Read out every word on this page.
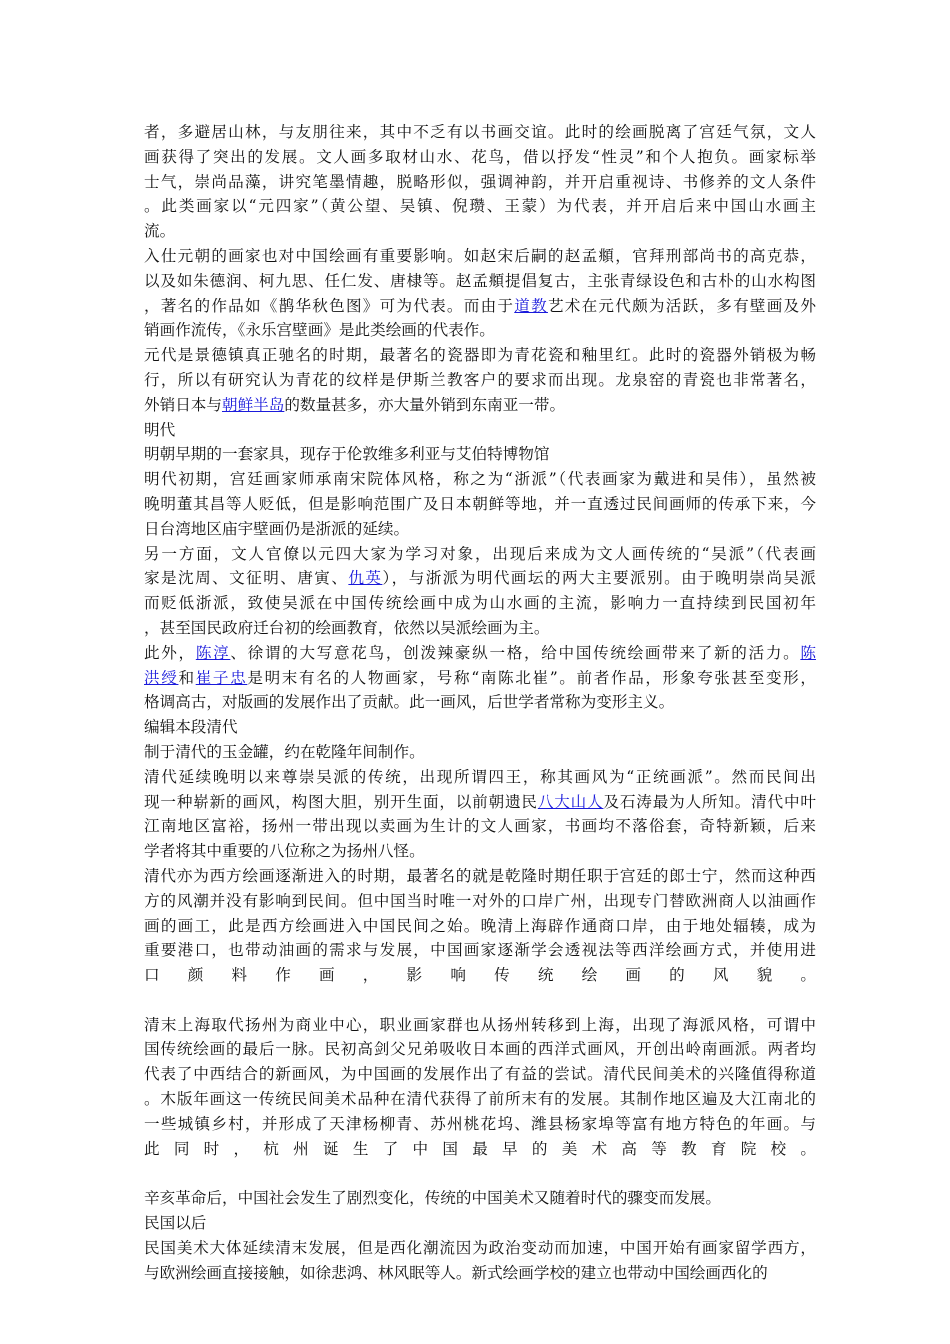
者，多避居山林，与友朋往来，其中不乏有以书画交谊。此时的绘画脱离了宫廷气氛，文人
画获得了突出的发展。文人画多取材山水、花鸟，借以抒发“性灵”和个人抱负。画家标举
士气，崇尚品藻，讲究笔墨情趣，脱略形似，强调神韵，并开启重视诗、书修养的文人条件
。此类画家以“元四家”（黄公望、吴镇、倪瓒、王蒙）为代表，并开启后来中国山水画主
流。

入仕元朝的画家也对中国绘画有重要影响。如赵宋后嗣的赵孟頫，官拜刑部尚书的高克恭，
以及如朱德润、柯九思、任仁发、唐棣等。赵孟頫提倡复古，主张青绿设色和古朴的山水构图
，著名的作品如《鹊华秋色图》可为代表。而由于道教艺术在元代颇为活跃，多有壁画及外
销画作流传，《永乐宫壁画》是此类绘画的代表作。

元代是景德镇真正驰名的时期，最著名的瓷器即为青花瓷和釉里红。此时的瓷器外销极为畅
行，所以有研究认为青花的纹样是伊斯兰教客户的要求而出现。龙泉窑的青瓷也非常著名，
外销日本与朝鲜半岛的数量甚多，亦大量外销到东南亚一带。

明代

明朝早期的一套家具，现存于伦敦维多利亚与艾伯特博物馆

明代初期，宫廷画家师承南宋院体风格，称之为“浙派”（代表画家为戴进和吴伟），虽然被
晚明董其昌等人贬低，但是影响范围广及日本朝鲜等地，并一直透过民间画师的传承下来，今
日台湾地区庙宇壁画仍是浙派的延续。

另一方面，文人官僚以元四大家为学习对象，出现后来成为文人画传统的“吴派”（代表画
家是沈周、文征明、唐寅、仇英），与浙派为明代画坛的两大主要派别。由于晚明崇尚吴派
而贬低浙派，致使吴派在中国传统绘画中成为山水画的主流，影响力一直持续到民国初年
，甚至国民政府迁台初的绘画教育，依然以吴派绘画为主。

此外，陈淳、徐谓的大写意花鸟，创泼辣豪纵一格，给中国传统绘画带来了新的活力。陈
洪绶和崔子忠是明末有名的人物画家，号称“南陈北崔”。前者作品，形象夸张甚至变形，
格调高古，对版画的发展作出了贡献。此一画风，后世学者常称为变形主义。

编辑本段清代

制于清代的玉金罐，约在乾隆年间制作。

清代延续晚明以来尊崇吴派的传统，出现所谓四王，称其画风为“正统画派”。然而民间出
现一种崭新的画风，构图大胆，别开生面，以前朝遗民八大山人及石涛最为人所知。清代中叶
江南地区富裕，扬州一带出现以卖画为生计的文人画家，书画均不落俗套，奇特新颖，后来
学者将其中重要的八位称之为扬州八怪。

清代亦为西方绘画逐渐进入的时期，最著名的就是乾隆时期任职于宫廷的郎士宁，然而这种西
方的风潮并没有影响到民间。但中国当时唯一对外的口岸广州，出现专门替欧洲商人以油画作
画的画工，此是西方绘画进入中国民间之始。晚清上海辟作通商口岸，由于地处辐辏，成为
重要港口，也带动油画的需求与发展，中国画家逐渐学会透视法等西洋绘画方式，并使用进
口颜料作画，影响传统绘画的风貌。

清末上海取代扬州为商业中心，职业画家群也从扬州转移到上海，出现了海派风格，可谓中
国传统绘画的最后一脉。民初高剑父兄弟吸收日本画的西洋式画风，开创出岭南画派。两者均
代表了中西结合的新画风，为中国画的发展作出了有益的尝试。清代民间美术的兴隆值得称道
。木版年画这一传统民间美术品种在清代获得了前所末有的发展。其制作地区遍及大江南北的
一些城镇乡村，并形成了天津杨柳青、苏州桃花坞、潍县杨家埠等富有地方特色的年画。与
此同时，杭州诞生了中国最早的美术高等教育院校。

辛亥革命后，中国社会发生了剧烈变化，传统的中国美术又随着时代的骤变而发展。

民国以后

民国美术大体延续清末发展，但是西化潮流因为政治变动而加速，中国开始有画家留学西方，
与欧洲绘画直接接触，如徐悲鸿、林风眠等人。新式绘画学校的建立也带动中国绘画西化的
